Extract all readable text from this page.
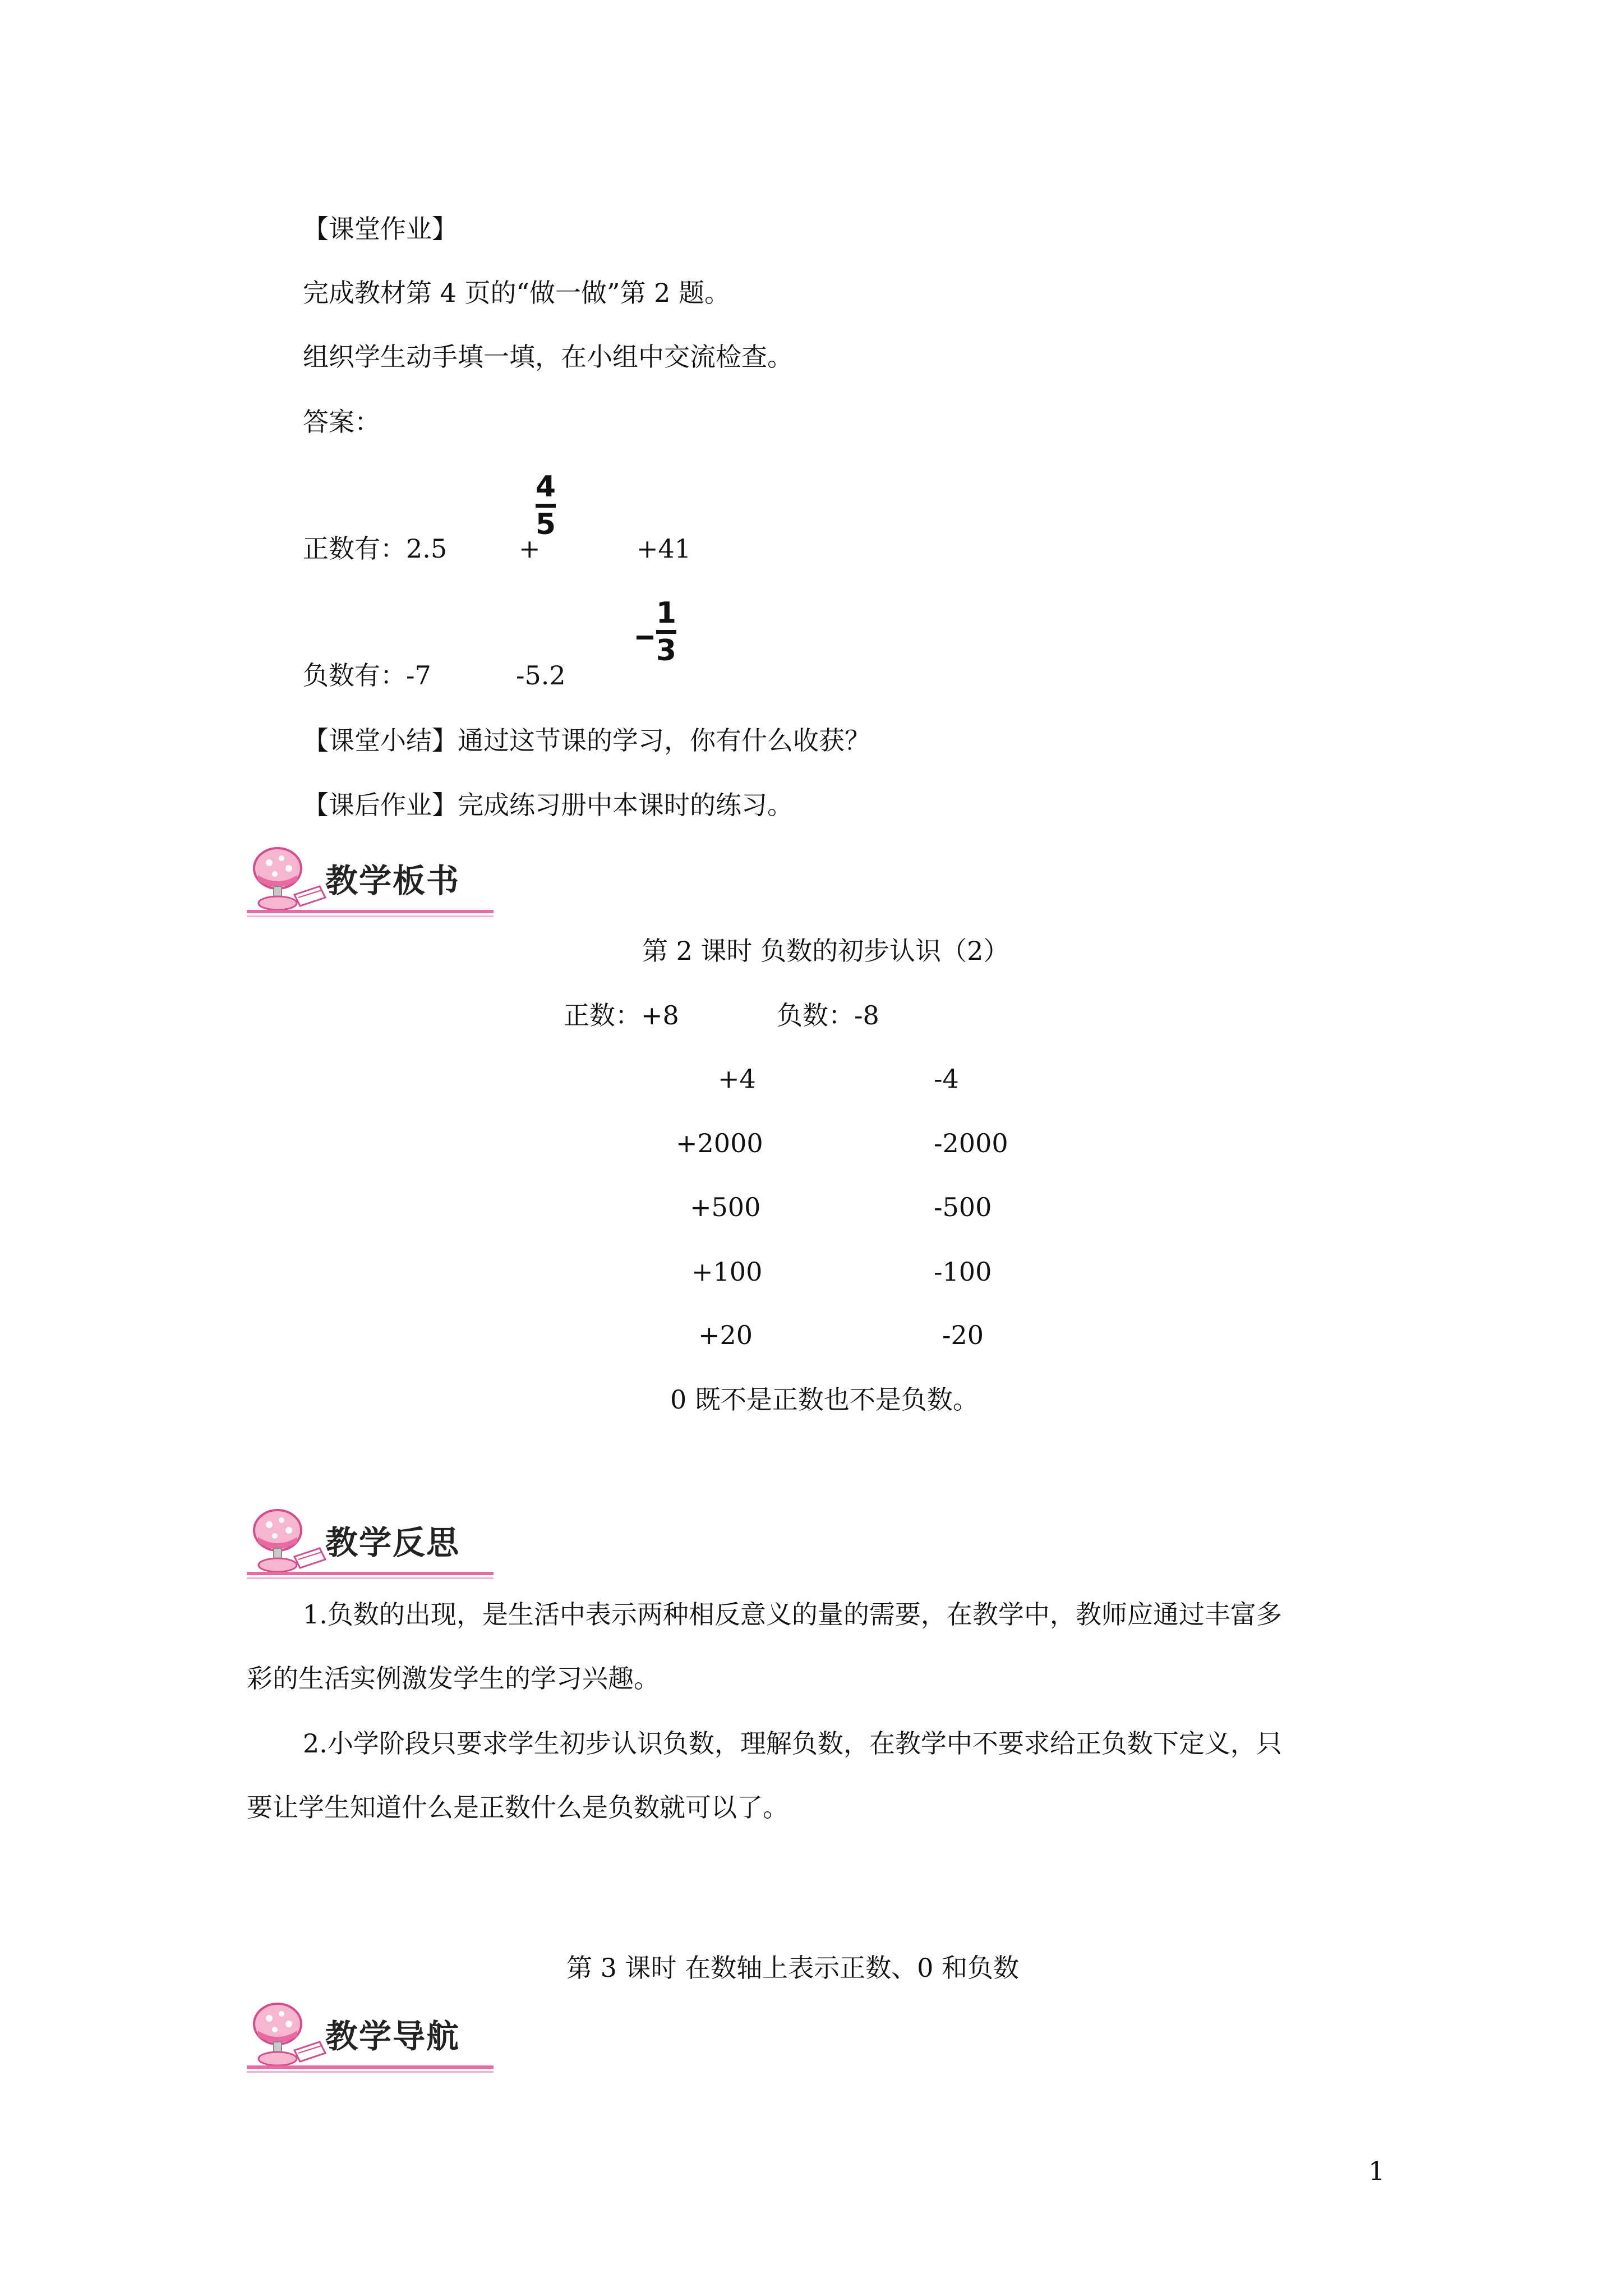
【课堂作业】
完成教材第 4 页的“做一做”第 2 题。
组织学生动手填一填，在小组中交流检查。
答案：
正数有：2.5	+
4
5
+41
负数有：-7	-5.2
1
3
【课堂小结】通过这节课的学习，你有什么收获？
【课后作业】完成练习册中本课时的练习。
教学板书
第 2 课时 负数的初步认识（2）
正数：+8	负数：-8
+4	-4
+2000	-2000
+500	-500
+100	-100
+20	-20
0 既不是正数也不是负数。
教学反思
1.负数的出现，是生活中表示两种相反意义的量的需要，在教学中，教师应通过丰富多
彩的生活实例激发学生的学习兴趣。
2.小学阶段只要求学生初步认识负数，理解负数，在教学中不要求给正负数下定义，只
要让学生知道什么是正数什么是负数就可以了。
第 3 课时 在数轴上表示正数、0 和负数
教学导航
1
